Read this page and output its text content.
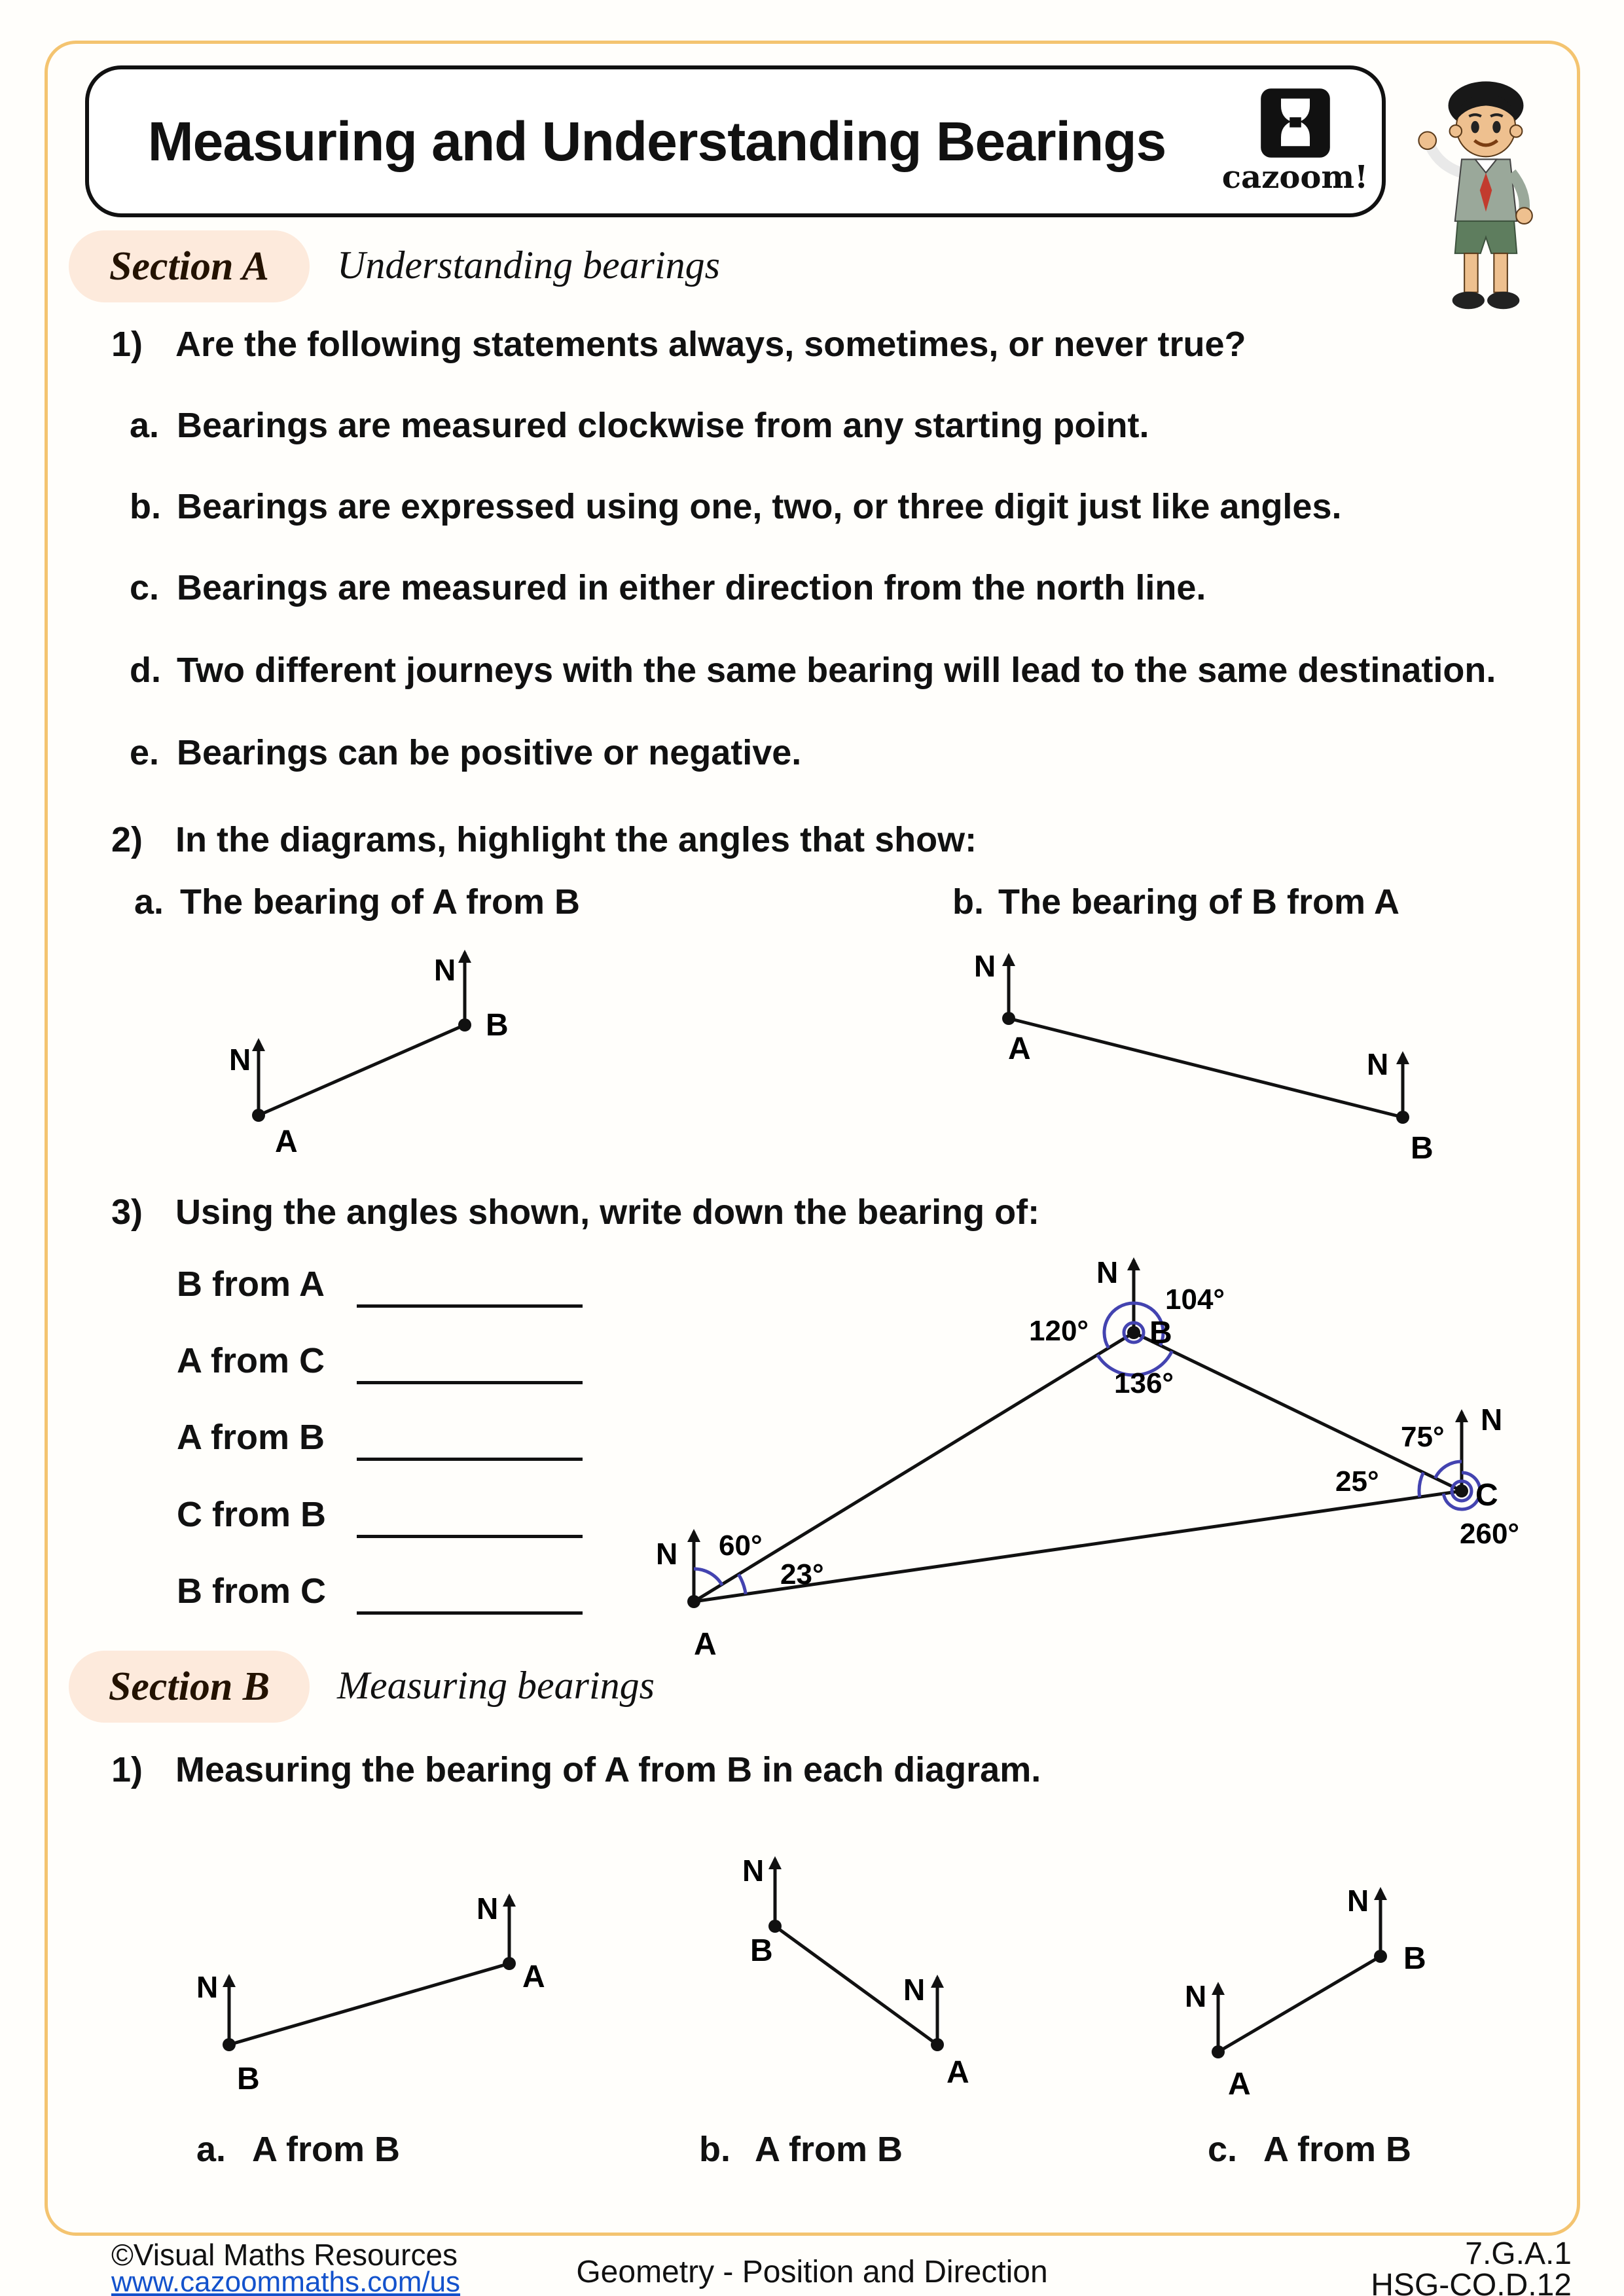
Measuring and Understanding Bearings
cazoom!
Section A Understanding bearings
1) Are the following statements always, sometimes, or never true?
a. Bearings are measured clockwise from any starting point.
b. Bearings are expressed using one, two, or three digit just like angles.
c. Bearings are measured in either direction from the north line.
d. Two different journeys with the same bearing will lead to the same destination.
e. Bearings can be positive or negative.
2) In the diagrams, highlight the angles that show:
a. The bearing of A from B	b. The bearing of B from A
N
N
A
B
N
N
A
B
3) Using the angles shown, write down the bearing of:
B from A
A from C
A from B
C from B
B from C
N
N
N
60°
23°
104°
120°
136°
75°
25°
260°
A
B
C
Section B Measuring bearings
1) Measuring the bearing of A from B in each diagram.
N
N
B
A
N
N
B
A
N
N
A
B
a. A from B	b. A from B	c. A from B
©Visual Maths Resources
www.cazoommaths.com/us	Geometry - Position and Direction
7.G.A.1
HSG-CO.D.12
